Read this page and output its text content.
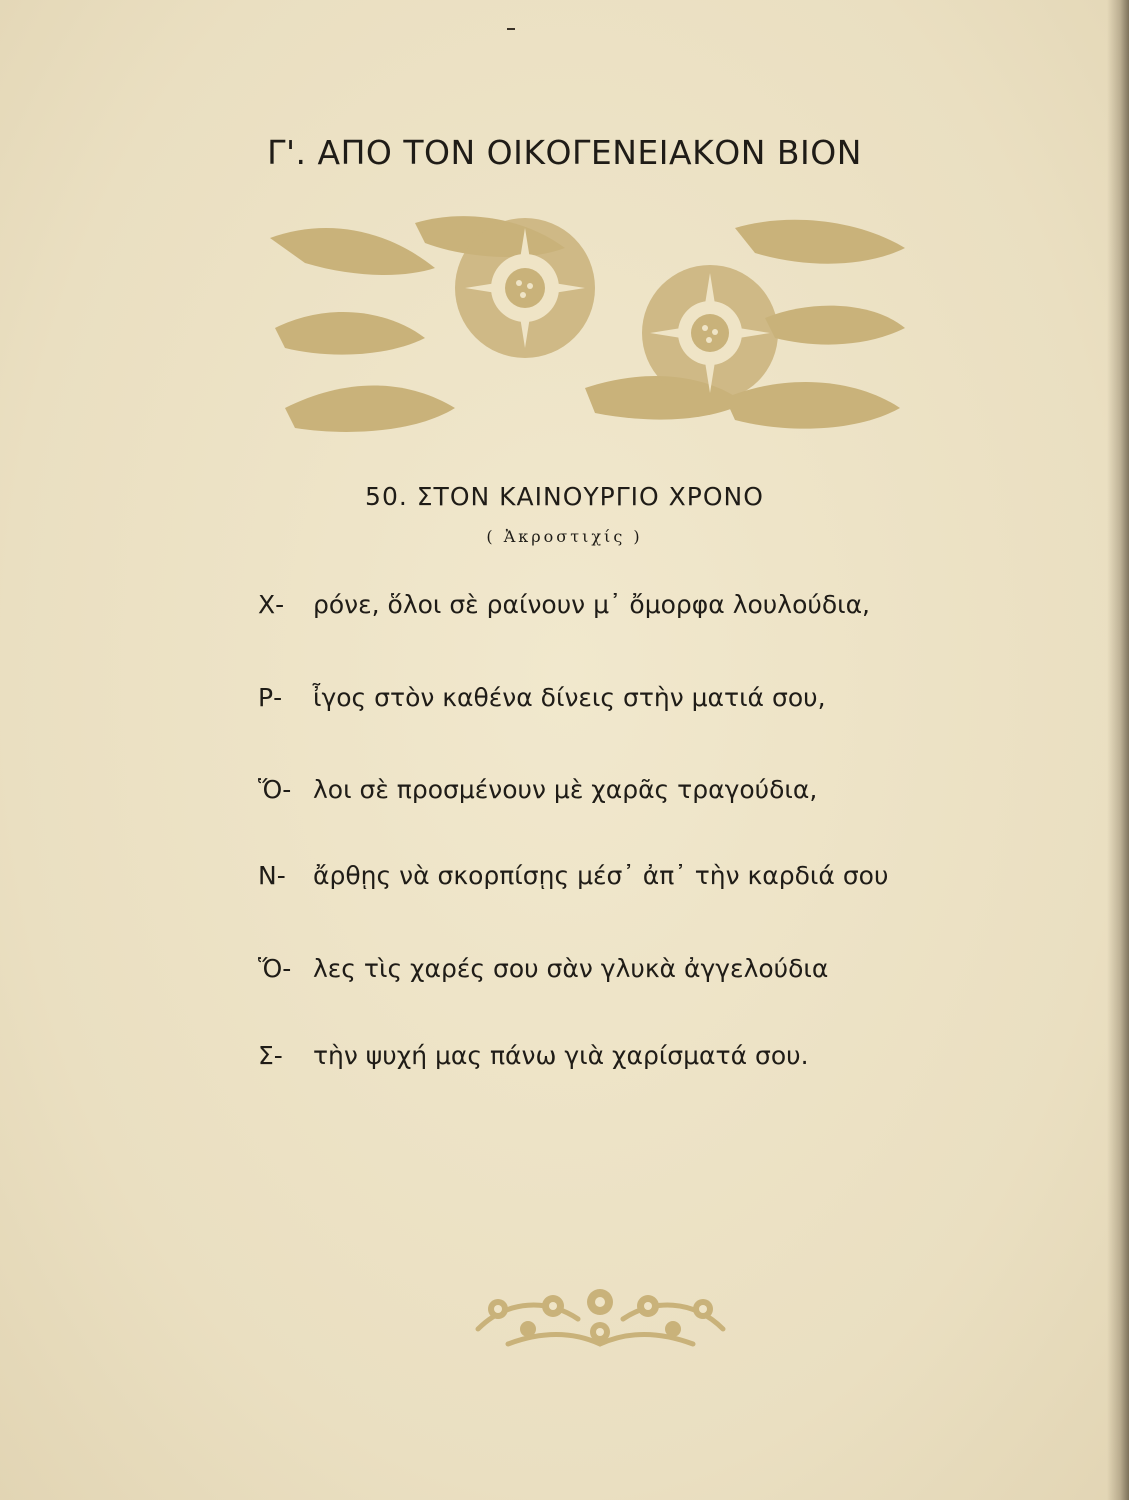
Γ'. ΑΠΟ ΤΟΝ ΟΙΚΟΓΕΝΕΙΑΚΟΝ ΒΙΟΝ
50. ΣΤΟΝ ΚΑΙΝΟΥΡΓΙΟ ΧΡΟΝΟ
( Ἀκροστιχίς )
Χ- ρόνε, ὅλοι σὲ ραίνουν μ᾽ ὄμορφα λουλούδια,
Ρ- ἶγος στὸν καθένα δίνεις στὴν ματιά σου,
Ὅ- λοι σὲ προσμένουν μὲ χαρᾶς τραγούδια,
Ν- ἄρθῃς νὰ σκορπίσῃς μέσ᾽ ἀπ᾽ τὴν καρδιά σου
Ὅ- λες τὶς χαρές σου σὰν γλυκὰ ἀγγελούδια
Σ- τὴν ψυχή μας πάνω γιὰ χαρίσματά σου.
